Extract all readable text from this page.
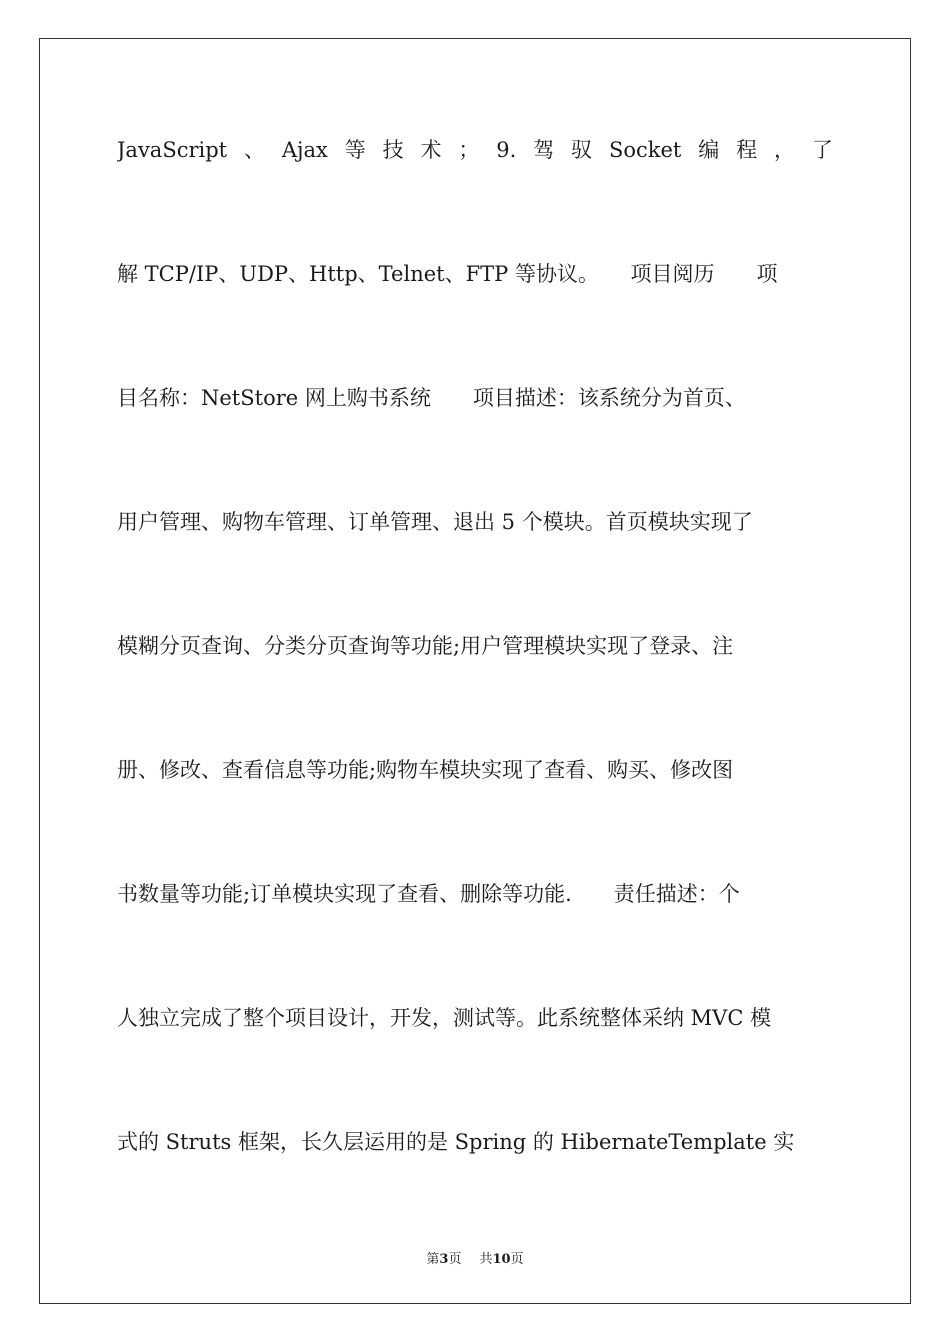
JavaScript 、 Ajax 等 技 术 ； 9. 驾 驭 Socket 编 程 ， 了
解 TCP/IP、UDP、Http、Telnet、FTP 等协议。　　项目阅历　　项
目名称：NetStore 网上购书系统　　项目描述：该系统分为首页、
用户管理、购物车管理、订单管理、退出 5 个模块。首页模块实现了
模糊分页查询、分类分页查询等功能;用户管理模块实现了登录、注
册、修改、查看信息等功能;购物车模块实现了查看、购买、修改图
书数量等功能;订单模块实现了查看、删除等功能.　　责任描述：个
人独立完成了整个项目设计，开发，测试等。此系统整体采纳 MVC 模
式的 Struts 框架，长久层运用的是 Spring 的 HibernateTemplate 实
第3页 共10页
